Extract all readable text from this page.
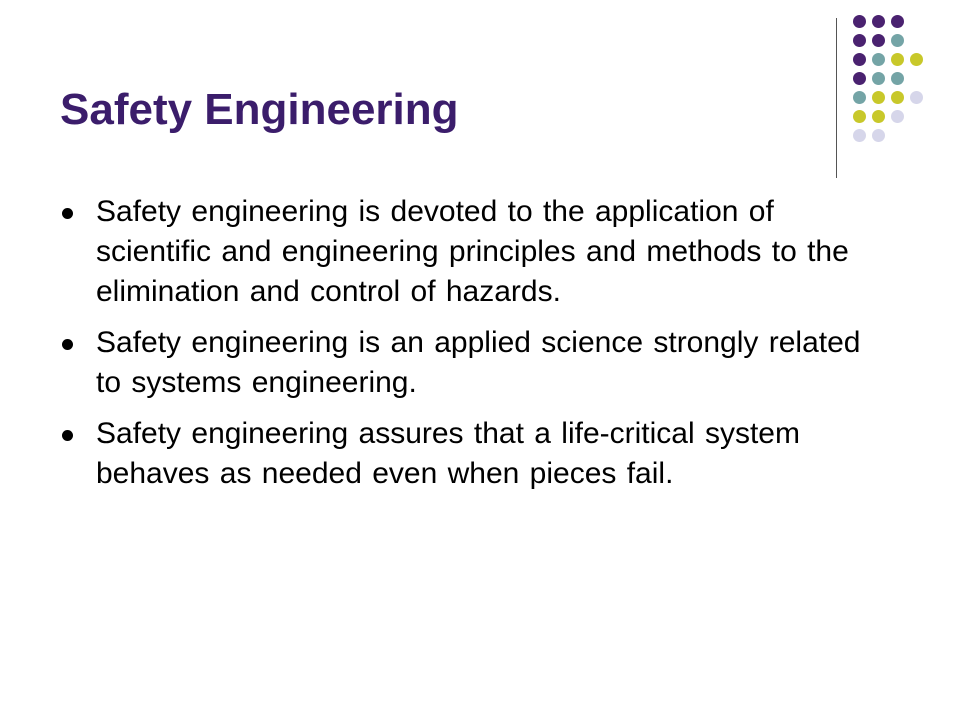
Safety Engineering
Safety engineering is devoted to the application of scientific and engineering principles and methods to the elimination and control of hazards.
Safety engineering is an applied science strongly related to systems engineering.
Safety engineering assures that a life-critical system behaves as needed even when pieces fail.
